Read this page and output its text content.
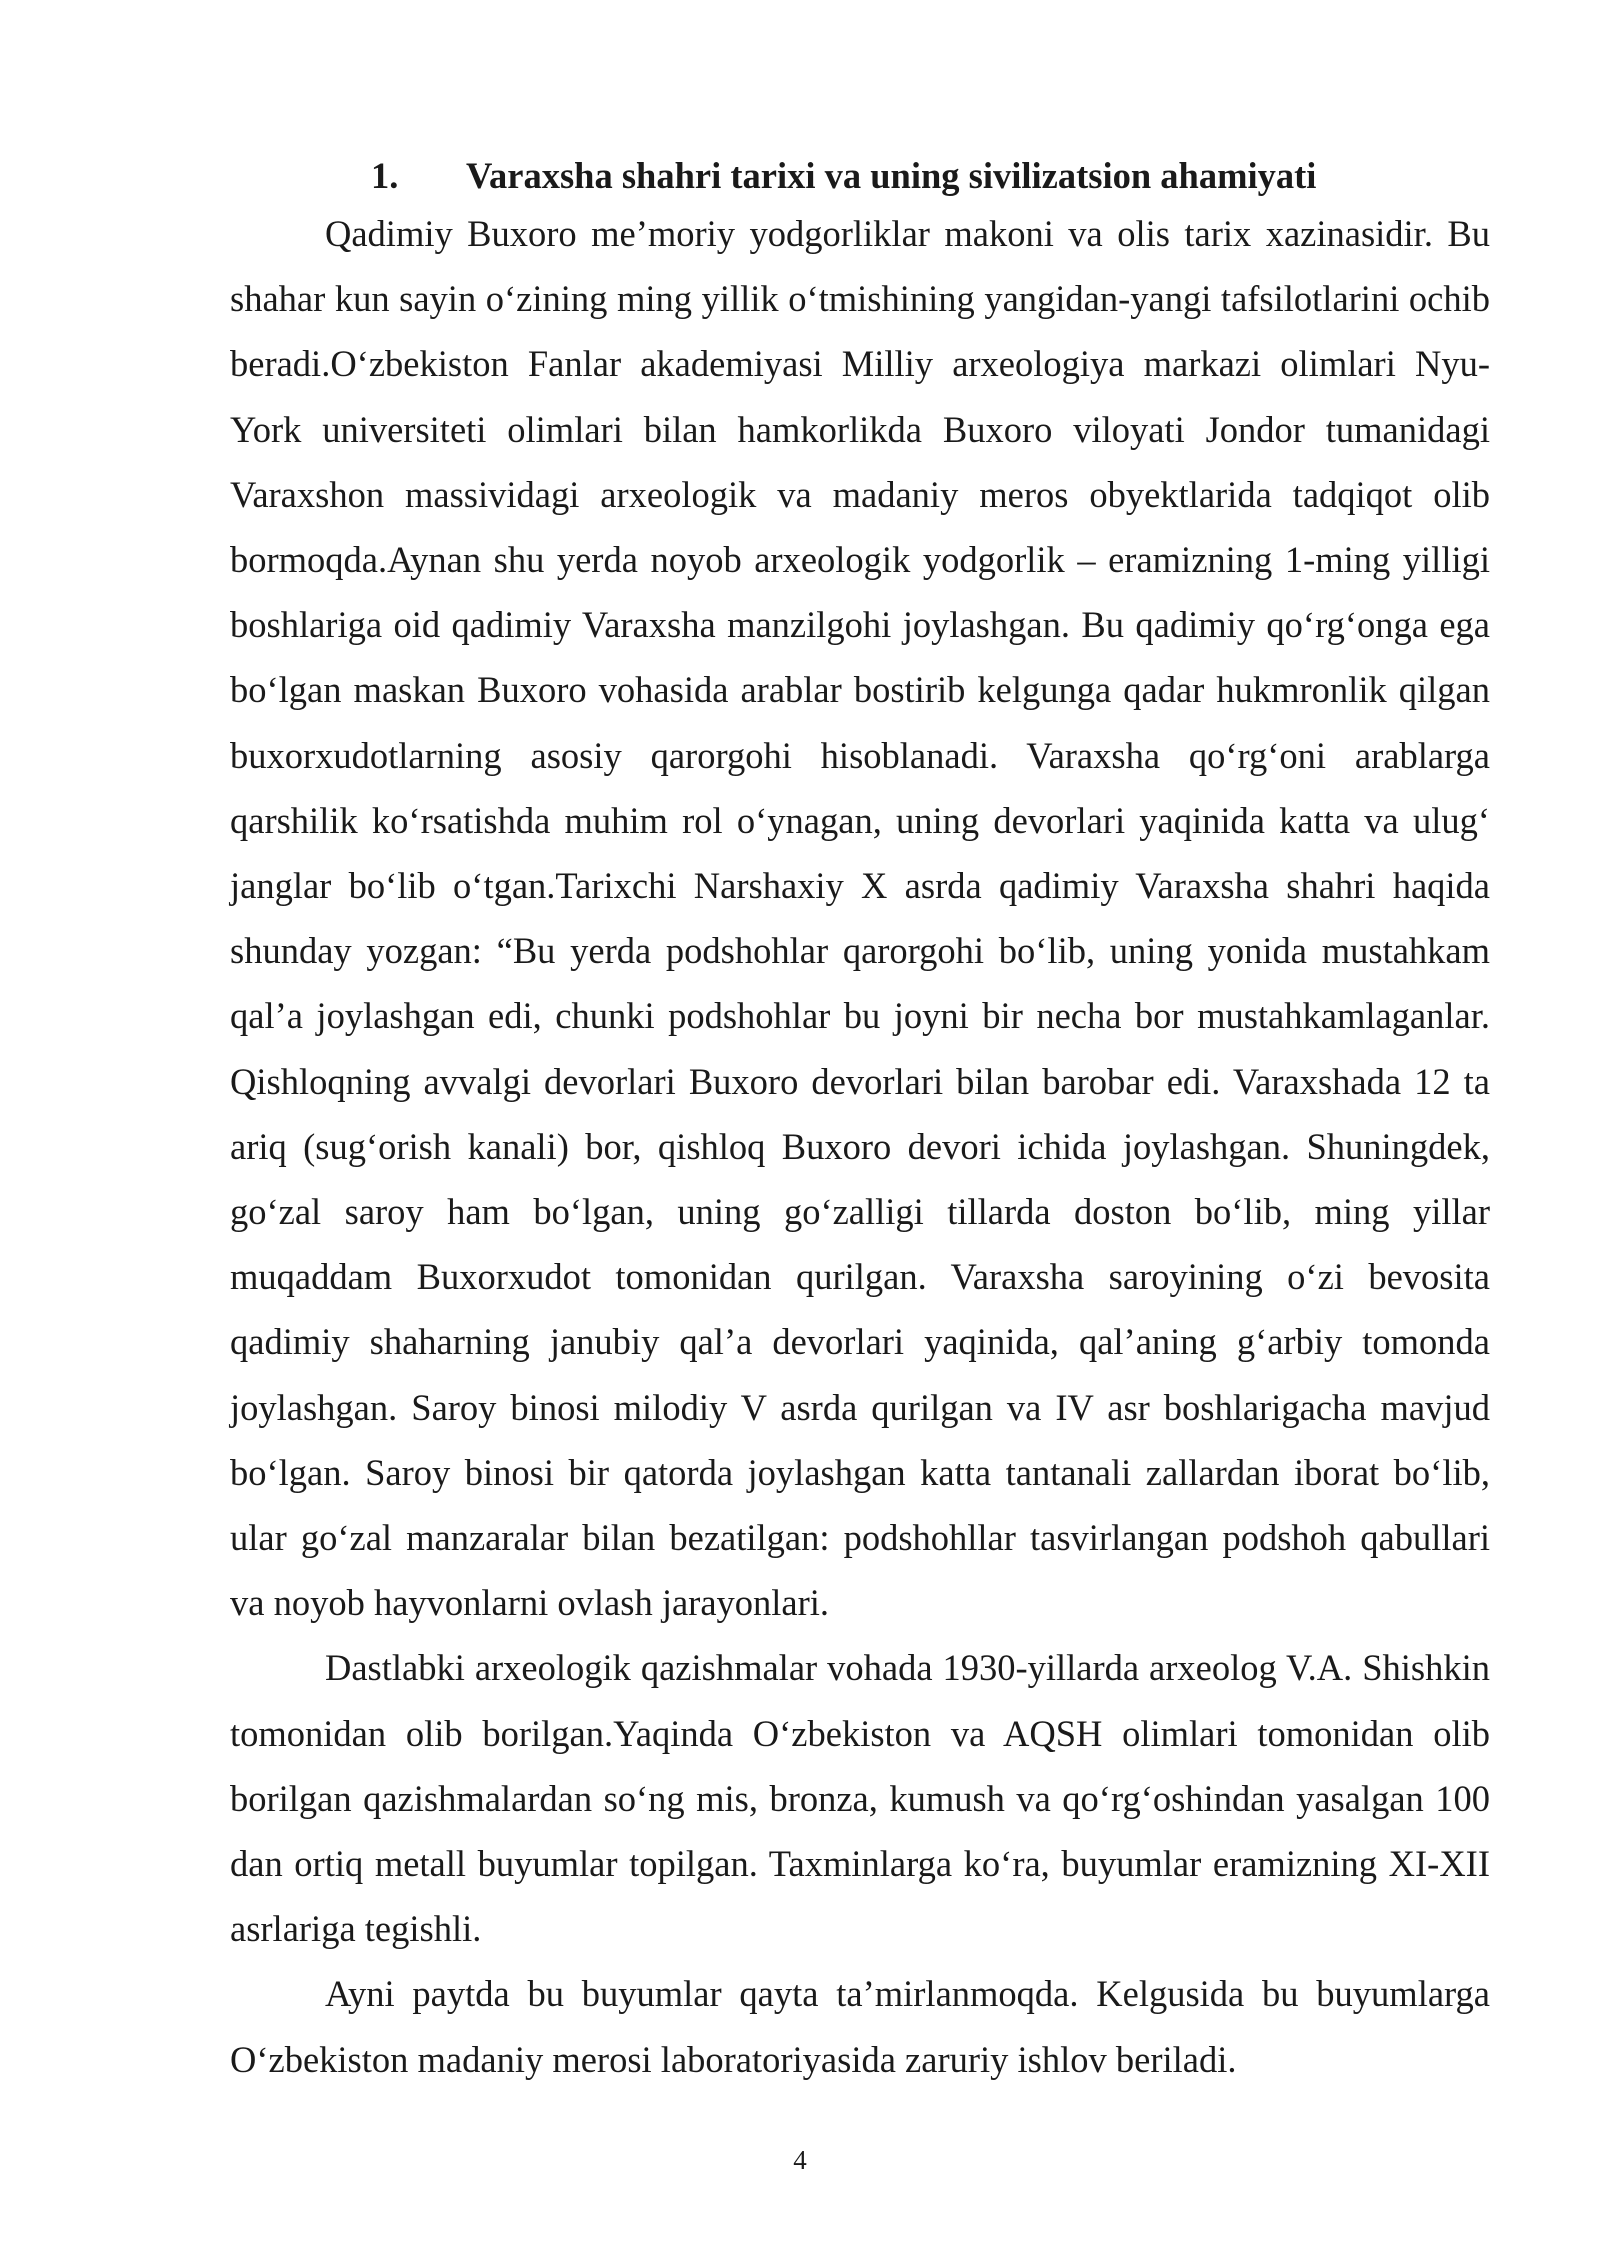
1. Varaxsha shahri tarixi va uning sivilizatsion ahamiyati

Qadimiy Buxoro me’moriy yodgorliklar makoni va olis tarix xazinasidir. Bu shahar kun sayin o‘zining ming yillik o‘tmishining yangidan-yangi tafsilotlarini ochib beradi.O‘zbekiston Fanlar akademiyasi Milliy arxeologiya markazi olimlari Nyu-York universiteti olimlari bilan hamkorlikda Buxoro viloyati Jondor tumanidagi Varaxshon massividagi arxeologik va madaniy meros obyektlarida tadqiqot olib bormoqda.Aynan shu yerda noyob arxeologik yodgorlik – eramizning 1-ming yilligi boshlariga oid qadimiy Varaxsha manzilgohi joylashgan. Bu qadimiy qo‘rg‘onga ega bo‘lgan maskan Buxoro vohasida arablar bostirib kelgunga qadar hukmronlik qilgan buxorxudotlarning asosiy qarorgohi hisoblanadi. Varaxsha qo‘rg‘oni arablarga qarshilik ko‘rsatishda muhim rol o‘ynagan, uning devorlari yaqinida katta va ulug‘ janglar bo‘lib o‘tgan.Tarixchi Narshaxiy X asrda qadimiy Varaxsha shahri haqida shunday yozgan: “Bu yerda podshohlar qarorgohi bo‘lib, uning yonida mustahkam qal’a joylashgan edi, chunki podshohlar bu joyni bir necha bor mustahkamlaganlar. Qishloqning avvalgi devorlari Buxoro devorlari bilan barobar edi. Varaxshada 12 ta ariq (sug‘orish kanali) bor, qishloq Buxoro devori ichida joylashgan. Shuningdek, go‘zal saroy ham bo‘lgan, uning go‘zalligi tillarda doston bo‘lib, ming yillar muqaddam Buxorxudot tomonidan qurilgan. Varaxsha saroyining o‘zi bevosita qadimiy shaharning janubiy qal’a devorlari yaqinida, qal’aning g‘arbiy tomonda joylashgan. Saroy binosi milodiy V asrda qurilgan va IV asr boshlarigacha mavjud bo‘lgan. Saroy binosi bir qatorda joylashgan katta tantanali zallardan iborat bo‘lib, ular go‘zal manzaralar bilan bezatilgan: podshohllar tasvirlangan podshoh qabullari va noyob hayvonlarni ovlash jarayonlari.

Dastlabki arxeologik qazishmalar vohada 1930-yillarda arxeolog V.A. Shishkin tomonidan olib borilgan.Yaqinda O‘zbekiston va AQSH olimlari tomonidan olib borilgan qazishmalardan so‘ng mis, bronza, kumush va qo‘rg‘oshindan yasalgan 100 dan ortiq metall buyumlar topilgan. Taxminlarga ko‘ra, buyumlar eramizning XI-XII asrlariga tegishli.

Ayni paytda bu buyumlar qayta ta’mirlanmoqda. Kelgusida bu buyumlarga O‘zbekiston madaniy merosi laboratoriyasida zaruriy ishlov beriladi.

4
